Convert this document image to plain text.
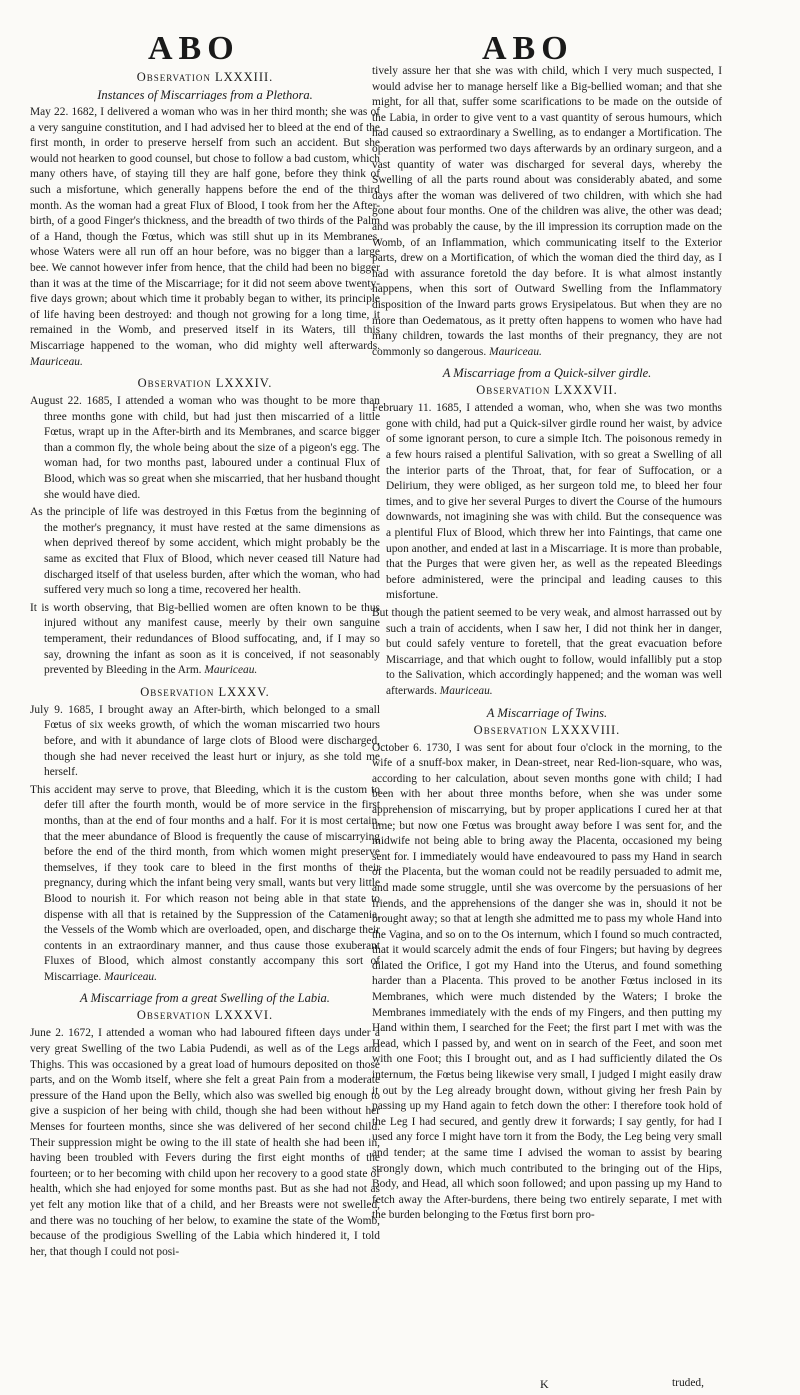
ABO	ABO
Observation LXXXIII.
Instances of Miscarriages from a Plethora.

May 22. 1682, I delivered a woman who was in her third month; she was of a very sanguine constitution, and I had advised her to bleed at the end of the first month, in order to preserve herself from such an accident. But she would not hearken to good counsel, but chose to follow a bad custom, which many others have, of staying till they are half gone, before they think of such a misfortune, which generally happens before the end of the third month. As the woman had a great Flux of Blood, I took from her the After-birth, of a good Finger's thickness, and the breadth of two thirds of the Palm of a Hand, though the Fœtus, which was still shut up in its Membranes, whose Waters were all run off an hour before, was no bigger than a large bee. We cannot however infer from hence, that the child had been no bigger than it was at the time of the Miscarriage; for it did not seem above twenty-five days grown; about which time it probably began to wither, its principle of life having been destroyed: and though not growing for a long time, it remained in the Womb, and preserved itself in its Waters, till this Miscarriage happened to the woman, who did mighty well afterwards. Mauriceau.

Observation LXXXIV.

August 22. 1685, I attended a woman who was thought to be more than three months gone with child, but had just then miscarried of a little Fœtus, wrapt up in the After-birth and its Membranes, and scarce bigger than a common fly, the whole being about the size of a pigeon's egg. The woman had, for two months past, laboured under a continual Flux of Blood, which was so great when she miscarried, that her husband thought she would have died.

As the principle of life was destroyed in this Fœtus from the beginning of the mother's pregnancy, it must have rested at the same dimensions as when deprived thereof by some accident, which might probably be the same as excited that Flux of Blood, which never ceased till Nature had discharged itself of that useless burden, after which the woman, who had suffered very much so long a time, recovered her health.

It is worth observing, that Big-bellied women are often known to be thus injured without any manifest cause, meerly by their own sanguine temperament, their redundances of Blood suffocating, and, if I may so say, drowning the infant as soon as it is conceived, if not seasonably prevented by Bleeding in the Arm. Mauriceau.

Observation LXXXV.

July 9. 1685, I brought away an After-birth, which belonged to a small Fœtus of six weeks growth, of which the woman miscarried two hours before, and with it abundance of large clots of Blood were discharged, though she had never received the least hurt or injury, as she told me herself.

This accident may serve to prove, that Bleeding, which it is the custom to defer till after the fourth month, would be of more service in the first months, than at the end of four months and a half. For it is most certain, that the meer abundance of Blood is frequently the cause of miscarrying before the end of the third month, from which women might preserve themselves, if they took care to bleed in the first months of their pregnancy, during which the infant being very small, wants but very little Blood to nourish it. For which reason not being able in that state to dispense with all that is retained by the Suppression of the Catamenia, the Vessels of the Womb which are overloaded, open, and discharge their contents in an extraordinary manner, and thus cause those exuberant Fluxes of Blood, which almost constantly accompany this sort of Miscarriage. Mauriceau.

A Miscarriage from a great Swelling of the Labia.
Observation LXXXVI.

June 2. 1672, I attended a woman who had laboured fifteen days under a very great Swelling of the two Labia Pudendi, as well as of the Legs and Thighs. This was occasioned by a great load of humours deposited on those parts, and on the Womb itself, where she felt a great Pain from a moderate pressure of the Hand upon the Belly, which also was swelled big enough to give a suspicion of her being with child, though she had been without her Menses for fourteen months, since she was delivered of her second child. Their suppression might be owing to the ill state of health she had been in, having been troubled with Fevers during the first eight months of the fourteen; or to her becoming with child upon her recovery to a good state of health, which she had enjoyed for some months past. But as she had not as yet felt any motion like that of a child, and her Breasts were not swelled, and there was no touching of her below, to examine the state of the Womb, because of the prodigious Swelling of the Labia which hindered it, I told her, that though I could not posi-

tively assure her that she was with child, which I very much suspected, I would advise her to manage herself like a Big-bellied woman; and that she might, for all that, suffer some scarifications to be made on the outside of the Labia, in order to give vent to a vast quantity of serous humours, which had caused so extraordinary a Swelling, as to endanger a Mortification. The operation was performed two days afterwards by an ordinary surgeon, and a vast quantity of water was discharged for several days, whereby the Swelling of all the parts round about was considerably abated, and some days after the woman was delivered of two children, with which she had gone about four months. One of the children was alive, the other was dead; and was probably the cause, by the ill impression its corruption made on the Womb, of an Inflammation, which communicating itself to the Exterior parts, drew on a Mortification, of which the woman died the third day, as I had with assurance foretold the day before. It is what almost instantly happens, when this sort of Outward Swelling from the Inflammatory disposition of the Inward parts grows Erysipelatous. But when they are no more than Oedematous, as it pretty often happens to women who have had many children, towards the last months of their pregnancy, they are not commonly so dangerous. Mauriceau.

A Miscarriage from a Quick-silver girdle.
Observation LXXXVII.

February 11. 1685, I attended a woman, who, when she was two months gone with child, had put a Quick-silver girdle round her waist, by advice of some ignorant person, to cure a simple Itch. The poisonous remedy in a few hours raised a plentiful Salivation, with so great a Swelling of all the interior parts of the Throat, that, for fear of Suffocation, or a Delirium, they were obliged, as her surgeon told me, to bleed her four times, and to give her several Purges to divert the Course of the humours downwards, not imagining she was with child. But the consequence was a plentiful Flux of Blood, which threw her into Faintings, that came one upon another, and ended at last in a Miscarriage. It is more than probable, that the Purges that were given her, as well as the repeated Bleedings before administered, were the principal and leading causes to this misfortune.

But though the patient seemed to be very weak, and almost harrassed out by such a train of accidents, when I saw her, I did not think her in danger, but could safely venture to foretell, that the great evacuation before Miscarriage, and that which ought to follow, would infallibly put a stop to the Salivation, which accordingly happened; and the woman was well afterwards. Mauriceau.

A Miscarriage of Twins.
Observation LXXXVIII.

October 6. 1730, I was sent for about four o'clock in the morning, to the wife of a snuff-box maker, in Dean-street, near Red-lion-square, who was, according to her calculation, about seven months gone with child; I had been with her about three months before, when she was under some apprehension of miscarrying, but by proper applications I cured her at that time; but now one Fœtus was brought away before I was sent for, and the midwife not being able to bring away the Placenta, occasioned my being sent for. I immediately would have endeavoured to pass my Hand in search of the Placenta, but the woman could not be readily persuaded to admit me, and made some struggle, until she was overcome by the persuasions of her friends, and the apprehensions of the danger she was in, should it not be brought away; so that at length she admitted me to pass my whole Hand into the Vagina, and so on to the Os internum, which I found so much contracted, that it would scarcely admit the ends of four Fingers; but having by degrees dilated the Orifice, I got my Hand into the Uterus, and found something harder than a Placenta. This proved to be another Fœtus inclosed in its Membranes, which were much distended by the Waters; I broke the Membranes immediately with the ends of my Fingers, and then putting my Hand within them, I searched for the Feet; the first part I met with was the Head, which I passed by, and went on in search of the Feet, and soon met with one Foot; this I brought out, and as I had sufficiently dilated the Os internum, the Fœtus being likewise very small, I judged I might easily draw it out by the Leg already brought down, without giving her fresh Pain by passing up my Hand again to fetch down the other: I therefore took hold of the Leg I had secured, and gently drew it forwards; I say gently, for had I used any force I might have torn it from the Body, the Leg being very small and tender; at the same time I advised the woman to assist by bearing strongly down, which much contributed to the bringing out of the Hips, Body, and Head, all which soon followed; and upon passing up my Hand to fetch away the After-burdens, there being two entirely separate, I met with the burden belonging to the Fœtus first born pro-

K	truded,
